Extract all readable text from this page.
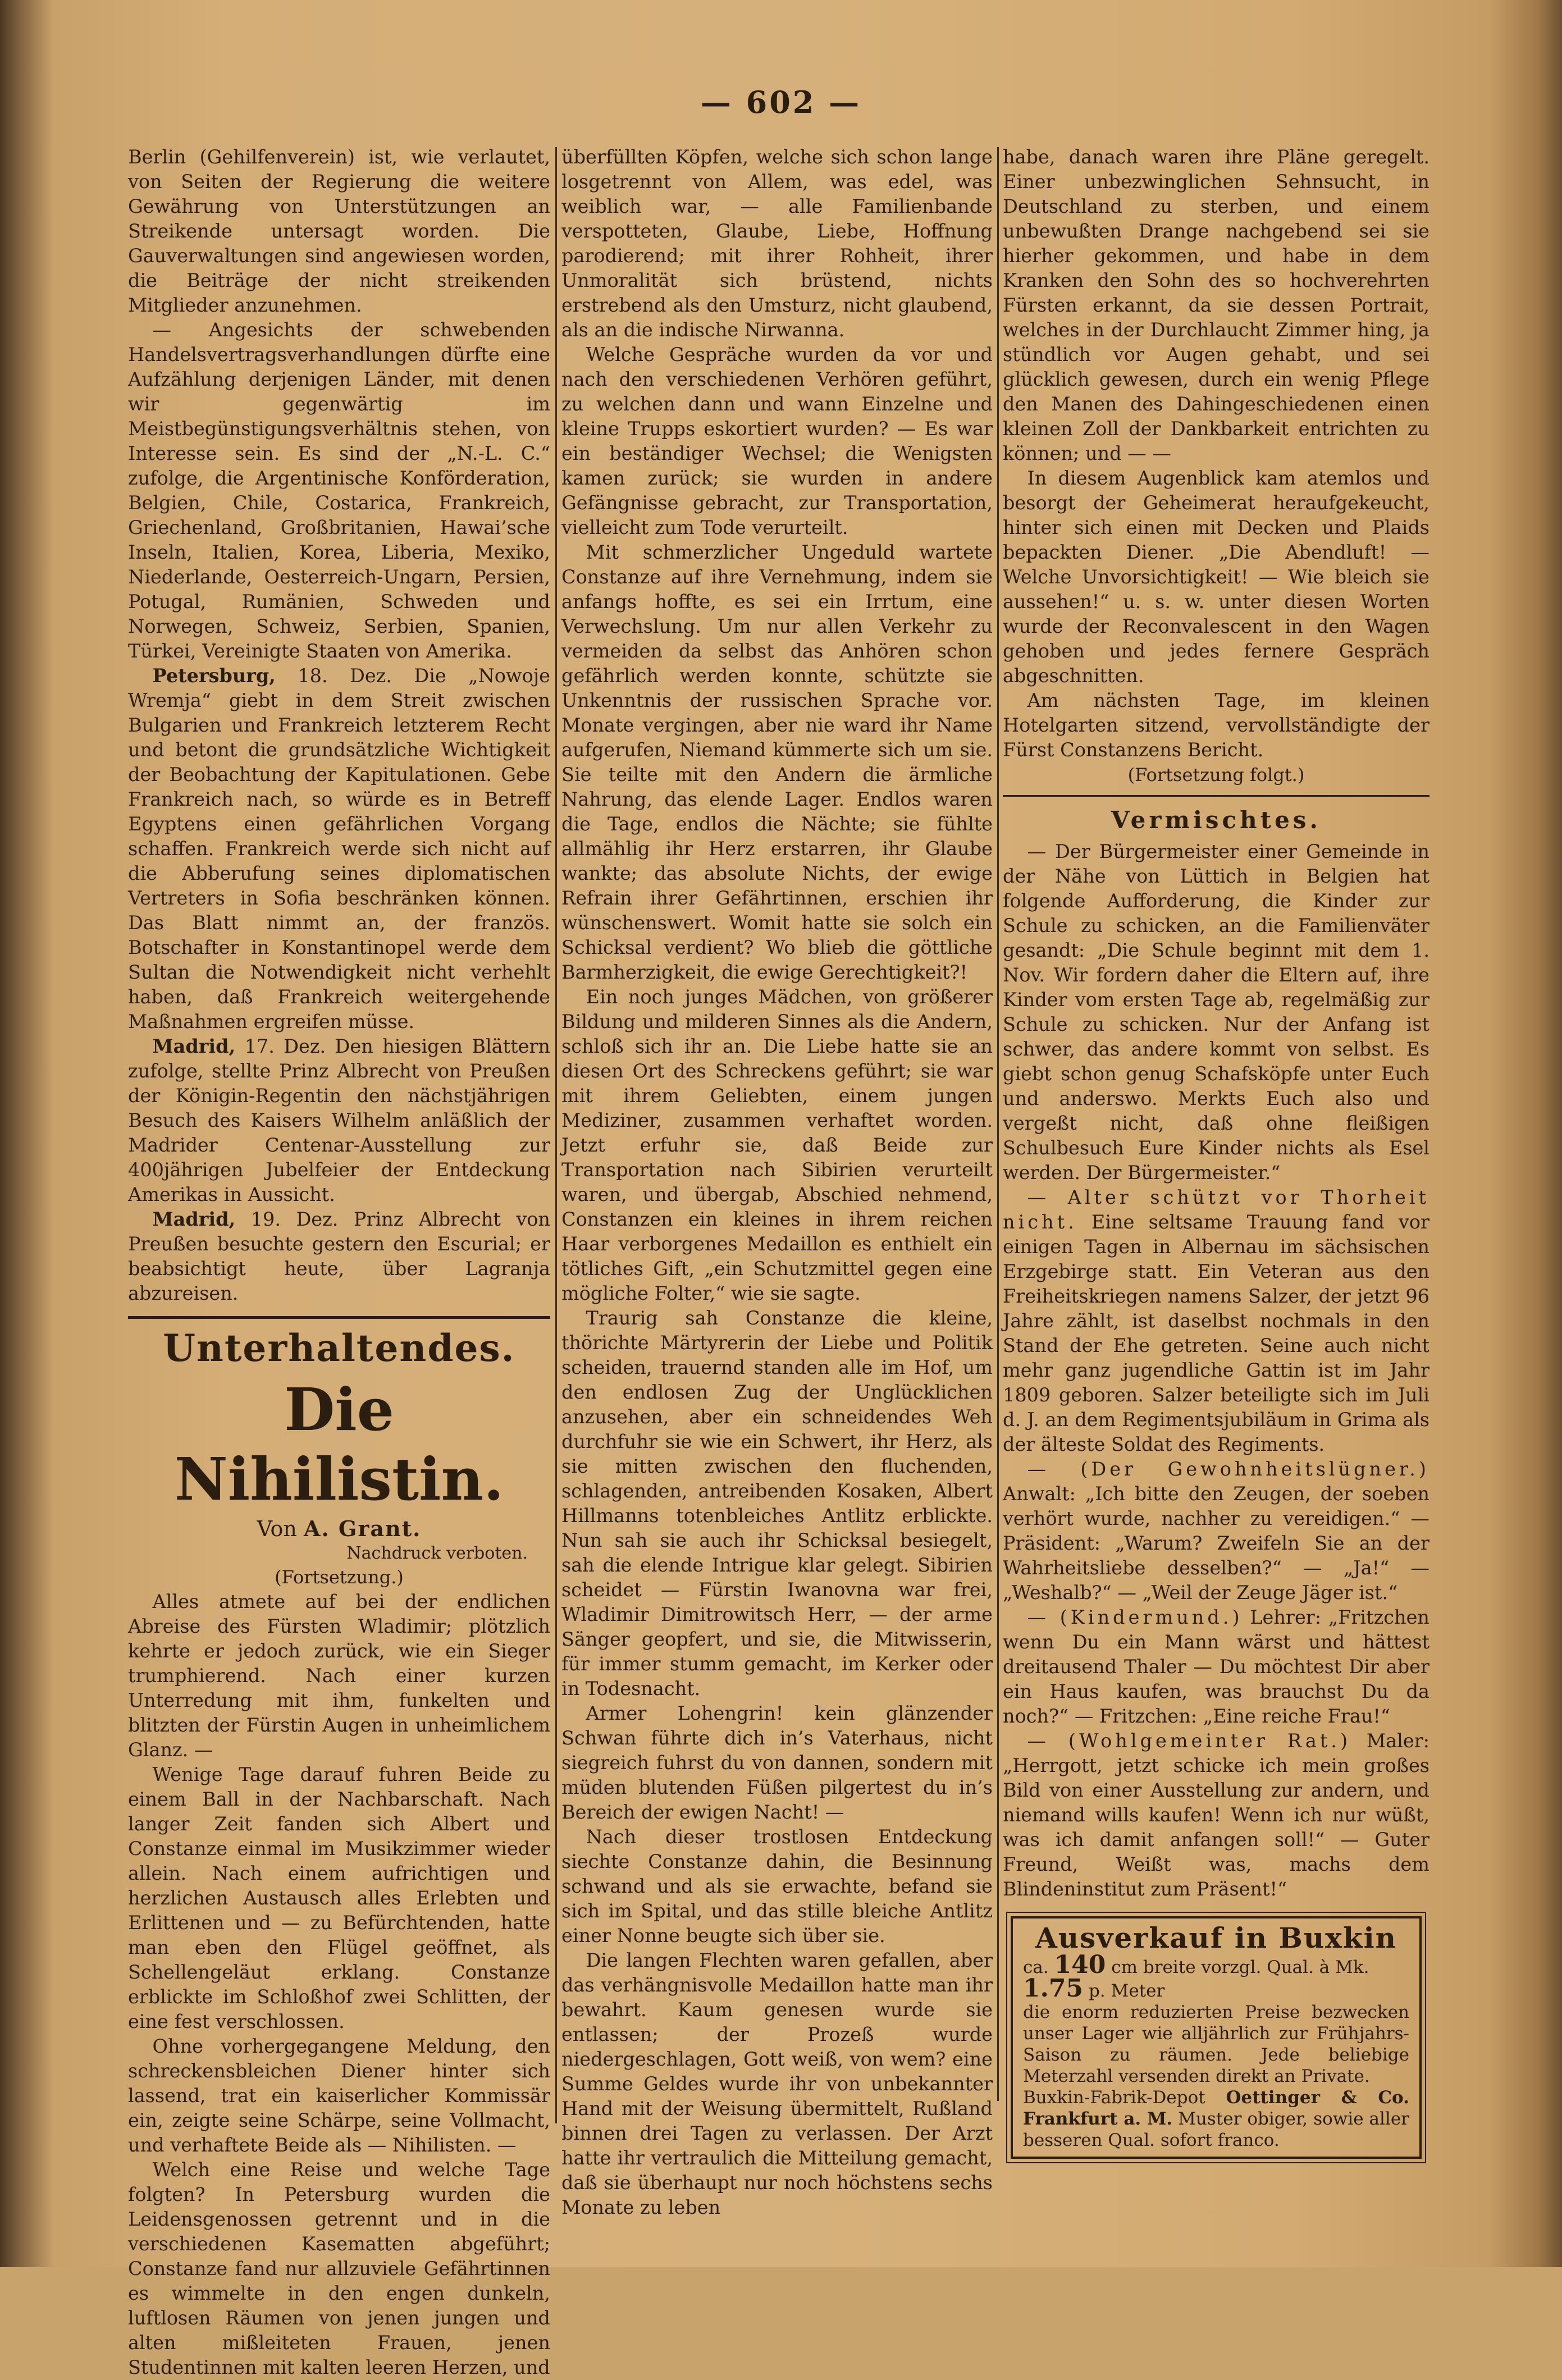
— 602 —

Berlin (Gehilfenverein) ist, wie verlautet, von Seiten der Regierung die weitere Gewährung von Unterstützungen an Streikende untersagt worden. Die Gauverwaltungen sind angewiesen worden, die Beiträge der nicht streikenden Mitglieder anzunehmen.

— Angesichts der schwebenden Handelsvertragsverhandlungen dürfte eine Aufzählung derjenigen Länder, mit denen wir gegenwärtig im Meistbegünstigungsverhältnis stehen, von Interesse sein. Es sind der „N.-L. C.“ zufolge, die Argentinische Konförderation, Belgien, Chile, Costarica, Frankreich, Griechenland, Großbritanien, Hawai’sche Inseln, Italien, Korea, Liberia, Mexiko, Niederlande, Oesterreich-Ungarn, Persien, Potugal, Rumänien, Schweden und Norwegen, Schweiz, Serbien, Spanien, Türkei, Vereinigte Staaten von Amerika.

Petersburg, 18. Dez. Die „Nowoje Wremja“ giebt in dem Streit zwischen Bulgarien und Frankreich letzterem Recht und betont die grundsätzliche Wichtigkeit der Beobachtung der Kapitulationen. Gebe Frankreich nach, so würde es in Betreff Egyptens einen gefährlichen Vorgang schaffen. Frankreich werde sich nicht auf die Abberufung seines diplomatischen Vertreters in Sofia beschränken können. Das Blatt nimmt an, der französ. Botschafter in Konstantinopel werde dem Sultan die Notwendigkeit nicht verhehlt haben, daß Frankreich weitergehende Maßnahmen ergreifen müsse.

Madrid, 17. Dez. Den hiesigen Blättern zufolge, stellte Prinz Albrecht von Preußen der Königin-Regentin den nächstjährigen Besuch des Kaisers Wilhelm anläßlich der Madrider Centenar-Ausstellung zur 400jährigen Jubelfeier der Entdeckung Amerikas in Aussicht.

Madrid, 19. Dez. Prinz Albrecht von Preußen besuchte gestern den Escurial; er beabsichtigt heute, über Lagranja abzureisen.

Unterhaltendes.
Die Nihilistin.
Von A. Grant.
Nachdruck verboten.
(Fortsetzung.)

Alles atmete auf bei der endlichen Abreise des Fürsten Wladimir; plötzlich kehrte er jedoch zurück, wie ein Sieger trumphierend. Nach einer kurzen Unterredung mit ihm, funkelten und blitzten der Fürstin Augen in unheimlichem Glanz. —

Wenige Tage darauf fuhren Beide zu einem Ball in der Nachbarschaft. Nach langer Zeit fanden sich Albert und Constanze einmal im Musikzimmer wieder allein. Nach einem aufrichtigen und herzlichen Austausch alles Erlebten und Erlittenen und — zu Befürchtenden, hatte man eben den Flügel geöffnet, als Schellengeläut erklang. Constanze erblickte im Schloßhof zwei Schlitten, der eine fest verschlossen.

Ohne vorhergegangene Meldung, den schreckensbleichen Diener hinter sich lassend, trat ein kaiserlicher Kommissär ein, zeigte seine Schärpe, seine Vollmacht, und verhaftete Beide als — Nihilisten. —

Welch eine Reise und welche Tage folgten? In Petersburg wurden die Leidensgenossen getrennt und in die verschiedenen Kasematten abgeführt; Constanze fand nur allzuviele Gefährtinnen es wimmelte in den engen dunkeln, luftlosen Räumen von jenen jungen und alten mißleiteten Frauen, jenen Studentinnen mit kalten leeren Herzen, und

überfüllten Köpfen, welche sich schon lange losgetrennt von Allem, was edel, was weiblich war, — alle Familienbande verspotteten, Glaube, Liebe, Hoffnung parodierend; mit ihrer Rohheit, ihrer Unmoralität sich brüstend, nichts erstrebend als den Umsturz, nicht glaubend, als an die indische Nirwanna.

Welche Gespräche wurden da vor und nach den verschiedenen Verhören geführt, zu welchen dann und wann Einzelne und kleine Trupps eskortiert wurden? — Es war ein beständiger Wechsel; die Wenigsten kamen zurück; sie wurden in andere Gefängnisse gebracht, zur Transportation, vielleicht zum Tode verurteilt.

Mit schmerzlicher Ungeduld wartete Constanze auf ihre Vernehmung, indem sie anfangs hoffte, es sei ein Irrtum, eine Verwechslung. Um nur allen Verkehr zu vermeiden da selbst das Anhören schon gefährlich werden konnte, schützte sie Unkenntnis der russischen Sprache vor. Monate vergingen, aber nie ward ihr Name aufgerufen, Niemand kümmerte sich um sie. Sie teilte mit den Andern die ärmliche Nahrung, das elende Lager. Endlos waren die Tage, endlos die Nächte; sie fühlte allmählig ihr Herz erstarren, ihr Glaube wankte; das absolute Nichts, der ewige Refrain ihrer Gefährtinnen, erschien ihr wünschenswert. Womit hatte sie solch ein Schicksal verdient? Wo blieb die göttliche Barmherzigkeit, die ewige Gerechtigkeit?!

Ein noch junges Mädchen, von größerer Bildung und milderen Sinnes als die Andern, schloß sich ihr an. Die Liebe hatte sie an diesen Ort des Schreckens geführt; sie war mit ihrem Geliebten, einem jungen Mediziner, zusammen verhaftet worden. Jetzt erfuhr sie, daß Beide zur Transportation nach Sibirien verurteilt waren, und übergab, Abschied nehmend, Constanzen ein kleines in ihrem reichen Haar verborgenes Medaillon es enthielt ein tötliches Gift, „ein Schutzmittel gegen eine mögliche Folter,“ wie sie sagte.

Traurig sah Constanze die kleine, thörichte Märtyrerin der Liebe und Politik scheiden, trauernd standen alle im Hof, um den endlosen Zug der Unglücklichen anzusehen, aber ein schneidendes Weh durchfuhr sie wie ein Schwert, ihr Herz, als sie mitten zwischen den fluchenden, schlagenden, antreibenden Kosaken, Albert Hillmanns totenbleiches Antlitz erblickte. Nun sah sie auch ihr Schicksal besiegelt, sah die elende Intrigue klar gelegt. Sibirien scheidet — Fürstin Iwanovna war frei, Wladimir Dimitrowitsch Herr, — der arme Sänger geopfert, und sie, die Mitwisserin, für immer stumm gemacht, im Kerker oder in Todesnacht.

Armer Lohengrin! kein glänzender Schwan führte dich in’s Vaterhaus, nicht siegreich fuhrst du von dannen, sondern mit müden blutenden Füßen pilgertest du in’s Bereich der ewigen Nacht! —

Nach dieser trostlosen Entdeckung siechte Constanze dahin, die Besinnung schwand und als sie erwachte, befand sie sich im Spital, und das stille bleiche Antlitz einer Nonne beugte sich über sie.

Die langen Flechten waren gefallen, aber das verhängnisvolle Medaillon hatte man ihr bewahrt. Kaum genesen wurde sie entlassen; der Prozeß wurde niedergeschlagen, Gott weiß, von wem? eine Summe Geldes wurde ihr von unbekannter Hand mit der Weisung übermittelt, Rußland binnen drei Tagen zu verlassen. Der Arzt hatte ihr vertraulich die Mitteilung gemacht, daß sie überhaupt nur noch höchstens sechs Monate zu leben

habe, danach waren ihre Pläne geregelt. Einer unbezwinglichen Sehnsucht, in Deutschland zu sterben, und einem unbewußten Drange nachgebend sei sie hierher gekommen, und habe in dem Kranken den Sohn des so hochverehrten Fürsten erkannt, da sie dessen Portrait, welches in der Durchlaucht Zimmer hing, ja stündlich vor Augen gehabt, und sei glücklich gewesen, durch ein wenig Pflege den Manen des Dahingeschiedenen einen kleinen Zoll der Dankbarkeit entrichten zu können; und — —

In diesem Augenblick kam atemlos und besorgt der Geheimerat heraufgekeucht, hinter sich einen mit Decken und Plaids bepackten Diener. „Die Abendluft! — Welche Unvorsichtigkeit! — Wie bleich sie aussehen!“ u. s. w. unter diesen Worten wurde der Reconvalescent in den Wagen gehoben und jedes fernere Gespräch abgeschnitten.

Am nächsten Tage, im kleinen Hotelgarten sitzend, vervollständigte der Fürst Constanzens Bericht.

(Fortsetzung folgt.)
Vermischtes.

— Der Bürgermeister einer Gemeinde in der Nähe von Lüttich in Belgien hat folgende Aufforderung, die Kinder zur Schule zu schicken, an die Familienväter gesandt: „Die Schule beginnt mit dem 1. Nov. Wir fordern daher die Eltern auf, ihre Kinder vom ersten Tage ab, regelmäßig zur Schule zu schicken. Nur der Anfang ist schwer, das andere kommt von selbst. Es giebt schon genug Schafsköpfe unter Euch und anderswo. Merkts Euch also und vergeßt nicht, daß ohne fleißigen Schulbesuch Eure Kinder nichts als Esel werden. Der Bürgermeister.“

— Alter schützt vor Thorheit nicht. Eine seltsame Trauung fand vor einigen Tagen in Albernau im sächsischen Erzgebirge statt. Ein Veteran aus den Freiheitskriegen namens Salzer, der jetzt 96 Jahre zählt, ist daselbst nochmals in den Stand der Ehe getreten. Seine auch nicht mehr ganz jugendliche Gattin ist im Jahr 1809 geboren. Salzer beteiligte sich im Juli d. J. an dem Regimentsjubiläum in Grima als der älteste Soldat des Regiments.

— (Der Gewohnheitslügner.) Anwalt: „Ich bitte den Zeugen, der soeben verhört wurde, nachher zu vereidigen.“ — Präsident: „Warum? Zweifeln Sie an der Wahrheitsliebe desselben?“ — „Ja!“ — „Weshalb?“ — „Weil der Zeuge Jäger ist.“

— (Kindermund.) Lehrer: „Fritzchen wenn Du ein Mann wärst und hättest dreitausend Thaler — Du möchtest Dir aber ein Haus kaufen, was brauchst Du da noch?“ — Fritzchen: „Eine reiche Frau!“

— (Wohlgemeinter Rat.) Maler: „Herrgott, jetzt schicke ich mein großes Bild von einer Ausstellung zur andern, und niemand wills kaufen! Wenn ich nur wüßt, was ich damit anfangen soll!“ — Guter Freund, Weißt was, machs dem Blindeninstitut zum Präsent!“

Ausverkauf in Buxkin
ca. 140 cm breite vorzgl. Qual. à Mk.
1.75 p. Meter
die enorm reduzierten Preise bezwecken unser Lager wie alljährlich zur Frühjahrs-Saison zu räumen. Jede beliebige Meterzahl versenden direkt an Private.
Buxkin-Fabrik-Depot Oettinger & Co. Frankfurt a. M. Muster obiger, sowie aller besseren Qual. sofort franco.
